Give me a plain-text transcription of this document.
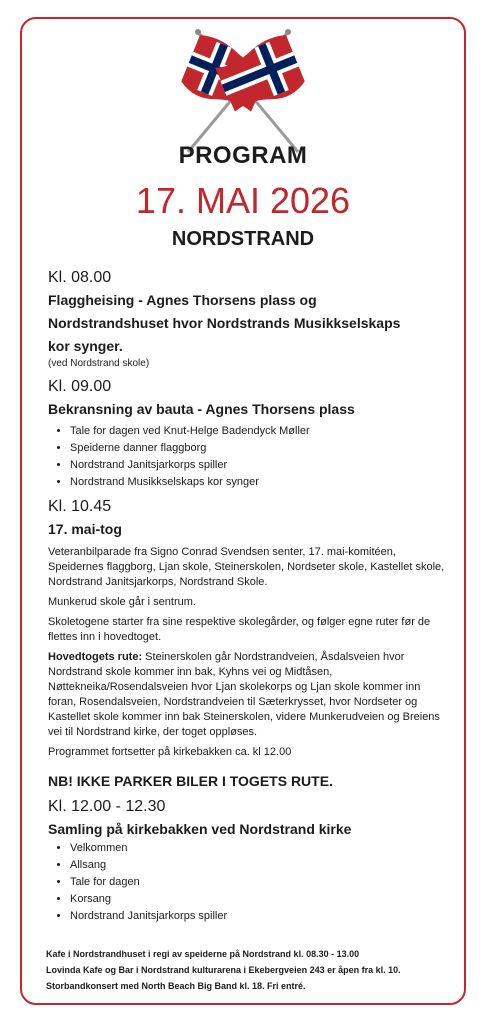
PROGRAM
17. MAI 2026
NORDSTRAND
Kl. 08.00
Flaggheising - Agnes Thorsens plass og
Nordstrandshuset hvor Nordstrands Musikkselskaps
kor synger.
(ved Nordstrand skole)
Kl. 09.00
Bekransning av bauta - Agnes Thorsens plass
• Tale for dagen ved Knut-Helge Badendyck Møller
• Speiderne danner flaggborg
• Nordstrand Janitsjarkorps spiller
• Nordstrand Musikkselskaps kor synger
Kl. 10.45
17. mai-tog
Veteranbilparade fra Signo Conrad Svendsen senter, 17. mai-komitéen, Speidernes flaggborg, Ljan skole, Steinerskolen, Nordseter skole, Kastellet skole, Nordstrand Janitsjarkorps, Nordstrand Skole.
Munkerud skole går i sentrum.
Skoletogene starter fra sine respektive skolegårder, og følger egne ruter før de flettes inn i hovedtoget.
Hovedtogets rute: Steinerskolen går Nordstrandveien, Åsdalsveien hvor Nordstrand skole kommer inn bak, Kyhns vei og Midtåsen, Nøttekneika/Rosendalsveien hvor Ljan skolekorps og Ljan skole kommer inn foran, Rosendalsveien, Nordstrandveien til Sæterkrysset, hvor Nordseter og Kastellet skole kommer inn bak Steinerskolen, videre Munkerudveien og Breiens vei til Nordstrand kirke, der toget oppløses.
Programmet fortsetter på kirkebakken ca. kl 12.00
NB! IKKE PARKER BILER I TOGETS RUTE.
Kl. 12.00 - 12.30
Samling på kirkebakken ved Nordstrand kirke
• Velkommen
• Allsang
• Tale for dagen
• Korsang
• Nordstrand Janitsjarkorps spiller
Kafe i Nordstrandhuset i regi av speiderne på Nordstrand kl. 08.30 - 13.00
Lovinda Kafe og Bar i Nordstrand kulturarena i Ekebergveien 243 er åpen fra kl. 10.
Storbandkonsert med North Beach Big Band kl. 18. Fri entré.
